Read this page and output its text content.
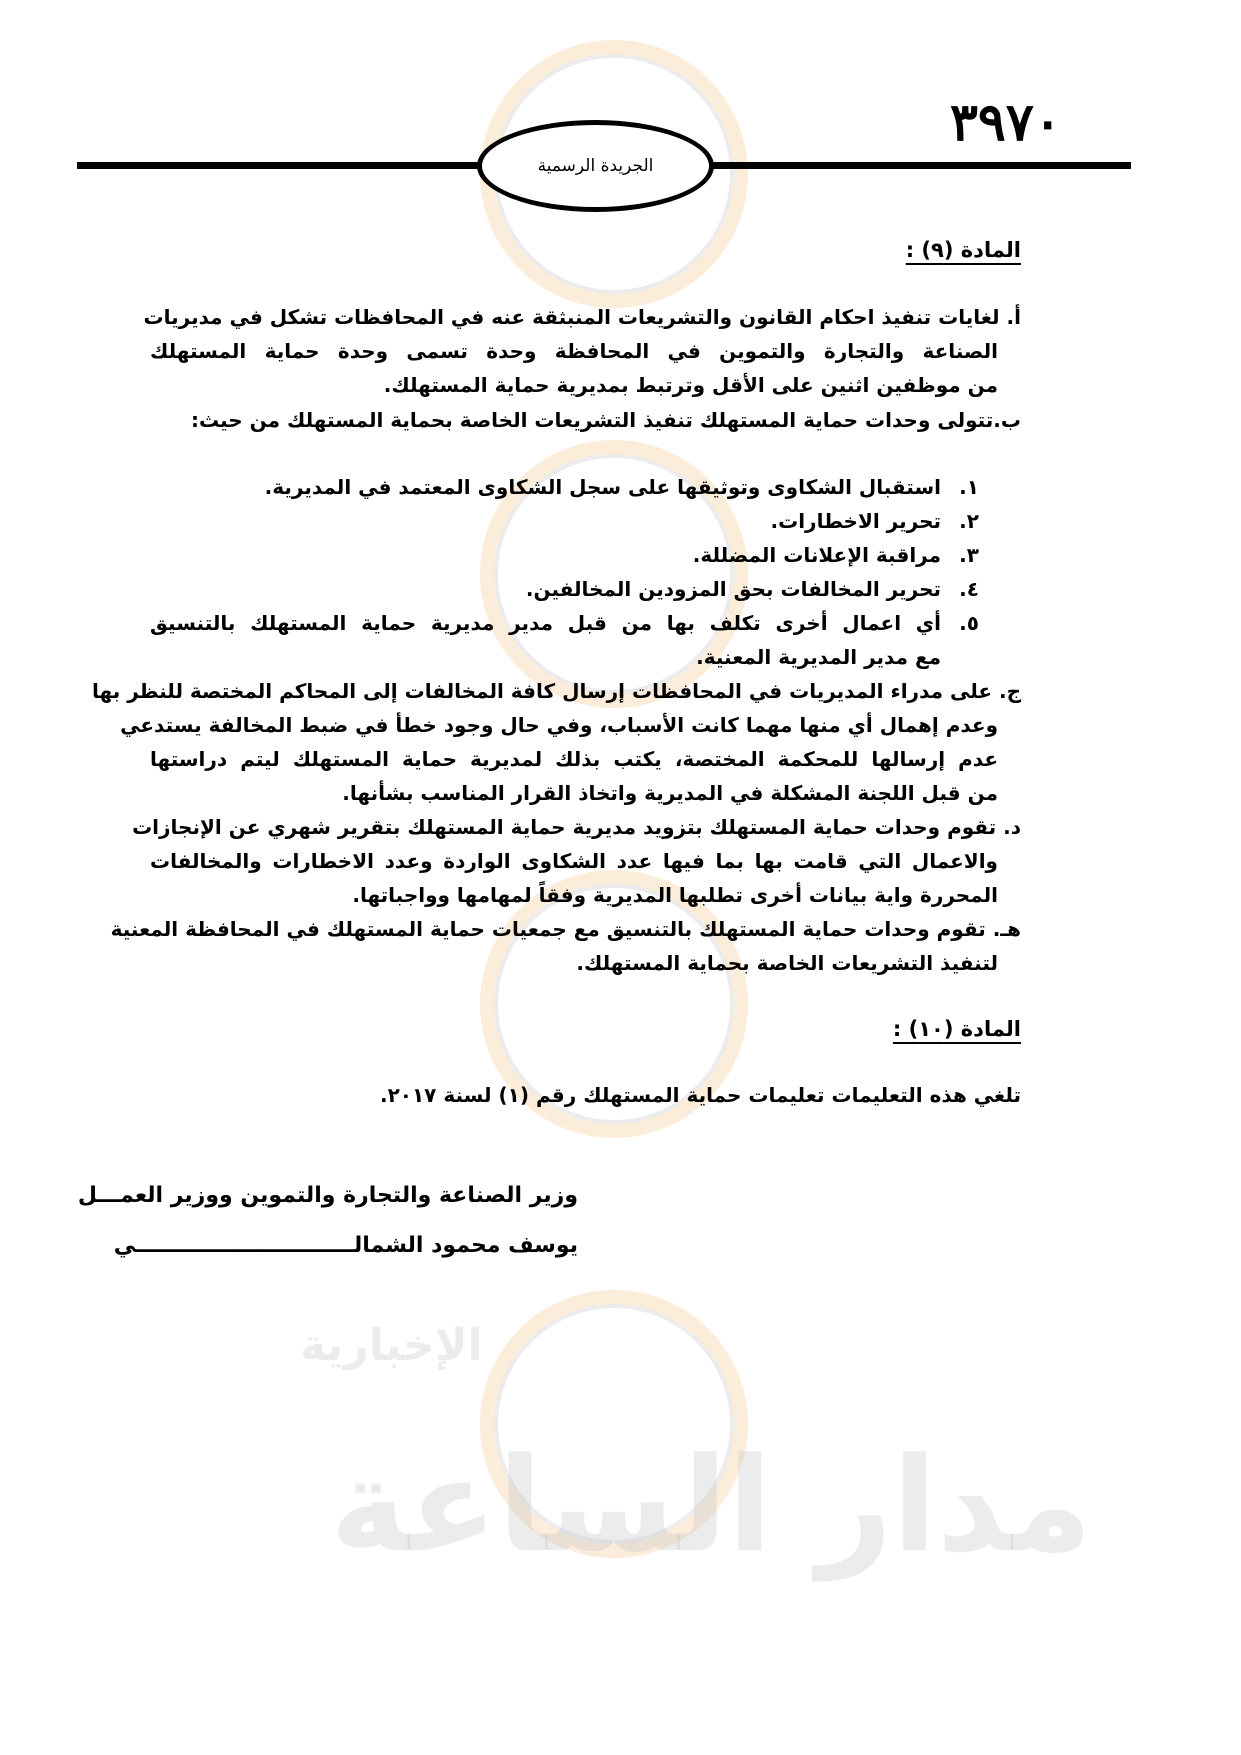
الإخبارية
مدار الساعة
٣٩٧٠
الجريدة الرسمية
المادة (٩) :
أ. لغايات تنفيذ احكام القانون والتشريعات المنبثقة عنه في المحافظات تشكل في مديريات
الصناعة والتجارة والتموين في المحافظة وحدة تسمى وحدة حماية المستهلك
من موظفين اثنين على الأقل وترتبط بمديرية حماية المستهلك.
ب.تتولى وحدات حماية المستهلك تنفيذ التشريعات الخاصة بحماية المستهلك من حيث:
١.
استقبال الشكاوى وتوثيقها على سجل الشكاوى المعتمد في المديرية.
٢.
تحرير الاخطارات.
٣.
مراقبة الإعلانات المضللة.
٤.
تحرير المخالفات بحق المزودين المخالفين.
٥.
أي اعمال أخرى تكلف بها من قبل مدير مديرية حماية المستهلك بالتنسيق
مع مدير المديرية المعنية.
ج. على مدراء المديريات في المحافظات إرسال كافة المخالفات إلى المحاكم المختصة للنظر بها
وعدم إهمال أي منها مهما كانت الأسباب، وفي حال وجود خطأ في ضبط المخالفة يستدعي
عدم إرسالها للمحكمة المختصة، يكتب بذلك لمديرية حماية المستهلك ليتم دراستها
من قبل اللجنة المشكلة في المديرية واتخاذ القرار المناسب بشأنها.
د. تقوم وحدات حماية المستهلك بتزويد مديرية حماية المستهلك بتقرير شهري عن الإنجازات
والاعمال التي قامت بها بما فيها عدد الشكاوى الواردة وعدد الاخطارات والمخالفات
المحررة واية بيانات أخرى تطلبها المديرية وفقاً لمهامها وواجباتها.
هـ. تقوم وحدات حماية المستهلك بالتنسيق مع جمعيات حماية المستهلك في المحافظة المعنية
لتنفيذ التشريعات الخاصة بحماية المستهلك.
المادة (١٠) :
تلغي هذه التعليمات تعليمات حماية المستهلك رقم (١) لسنة ٢٠١٧.
وزير الصناعة والتجارة والتموين ووزير العمـــل
يوسف محمود الشمالـــــــــــــــــــــــــــــي
